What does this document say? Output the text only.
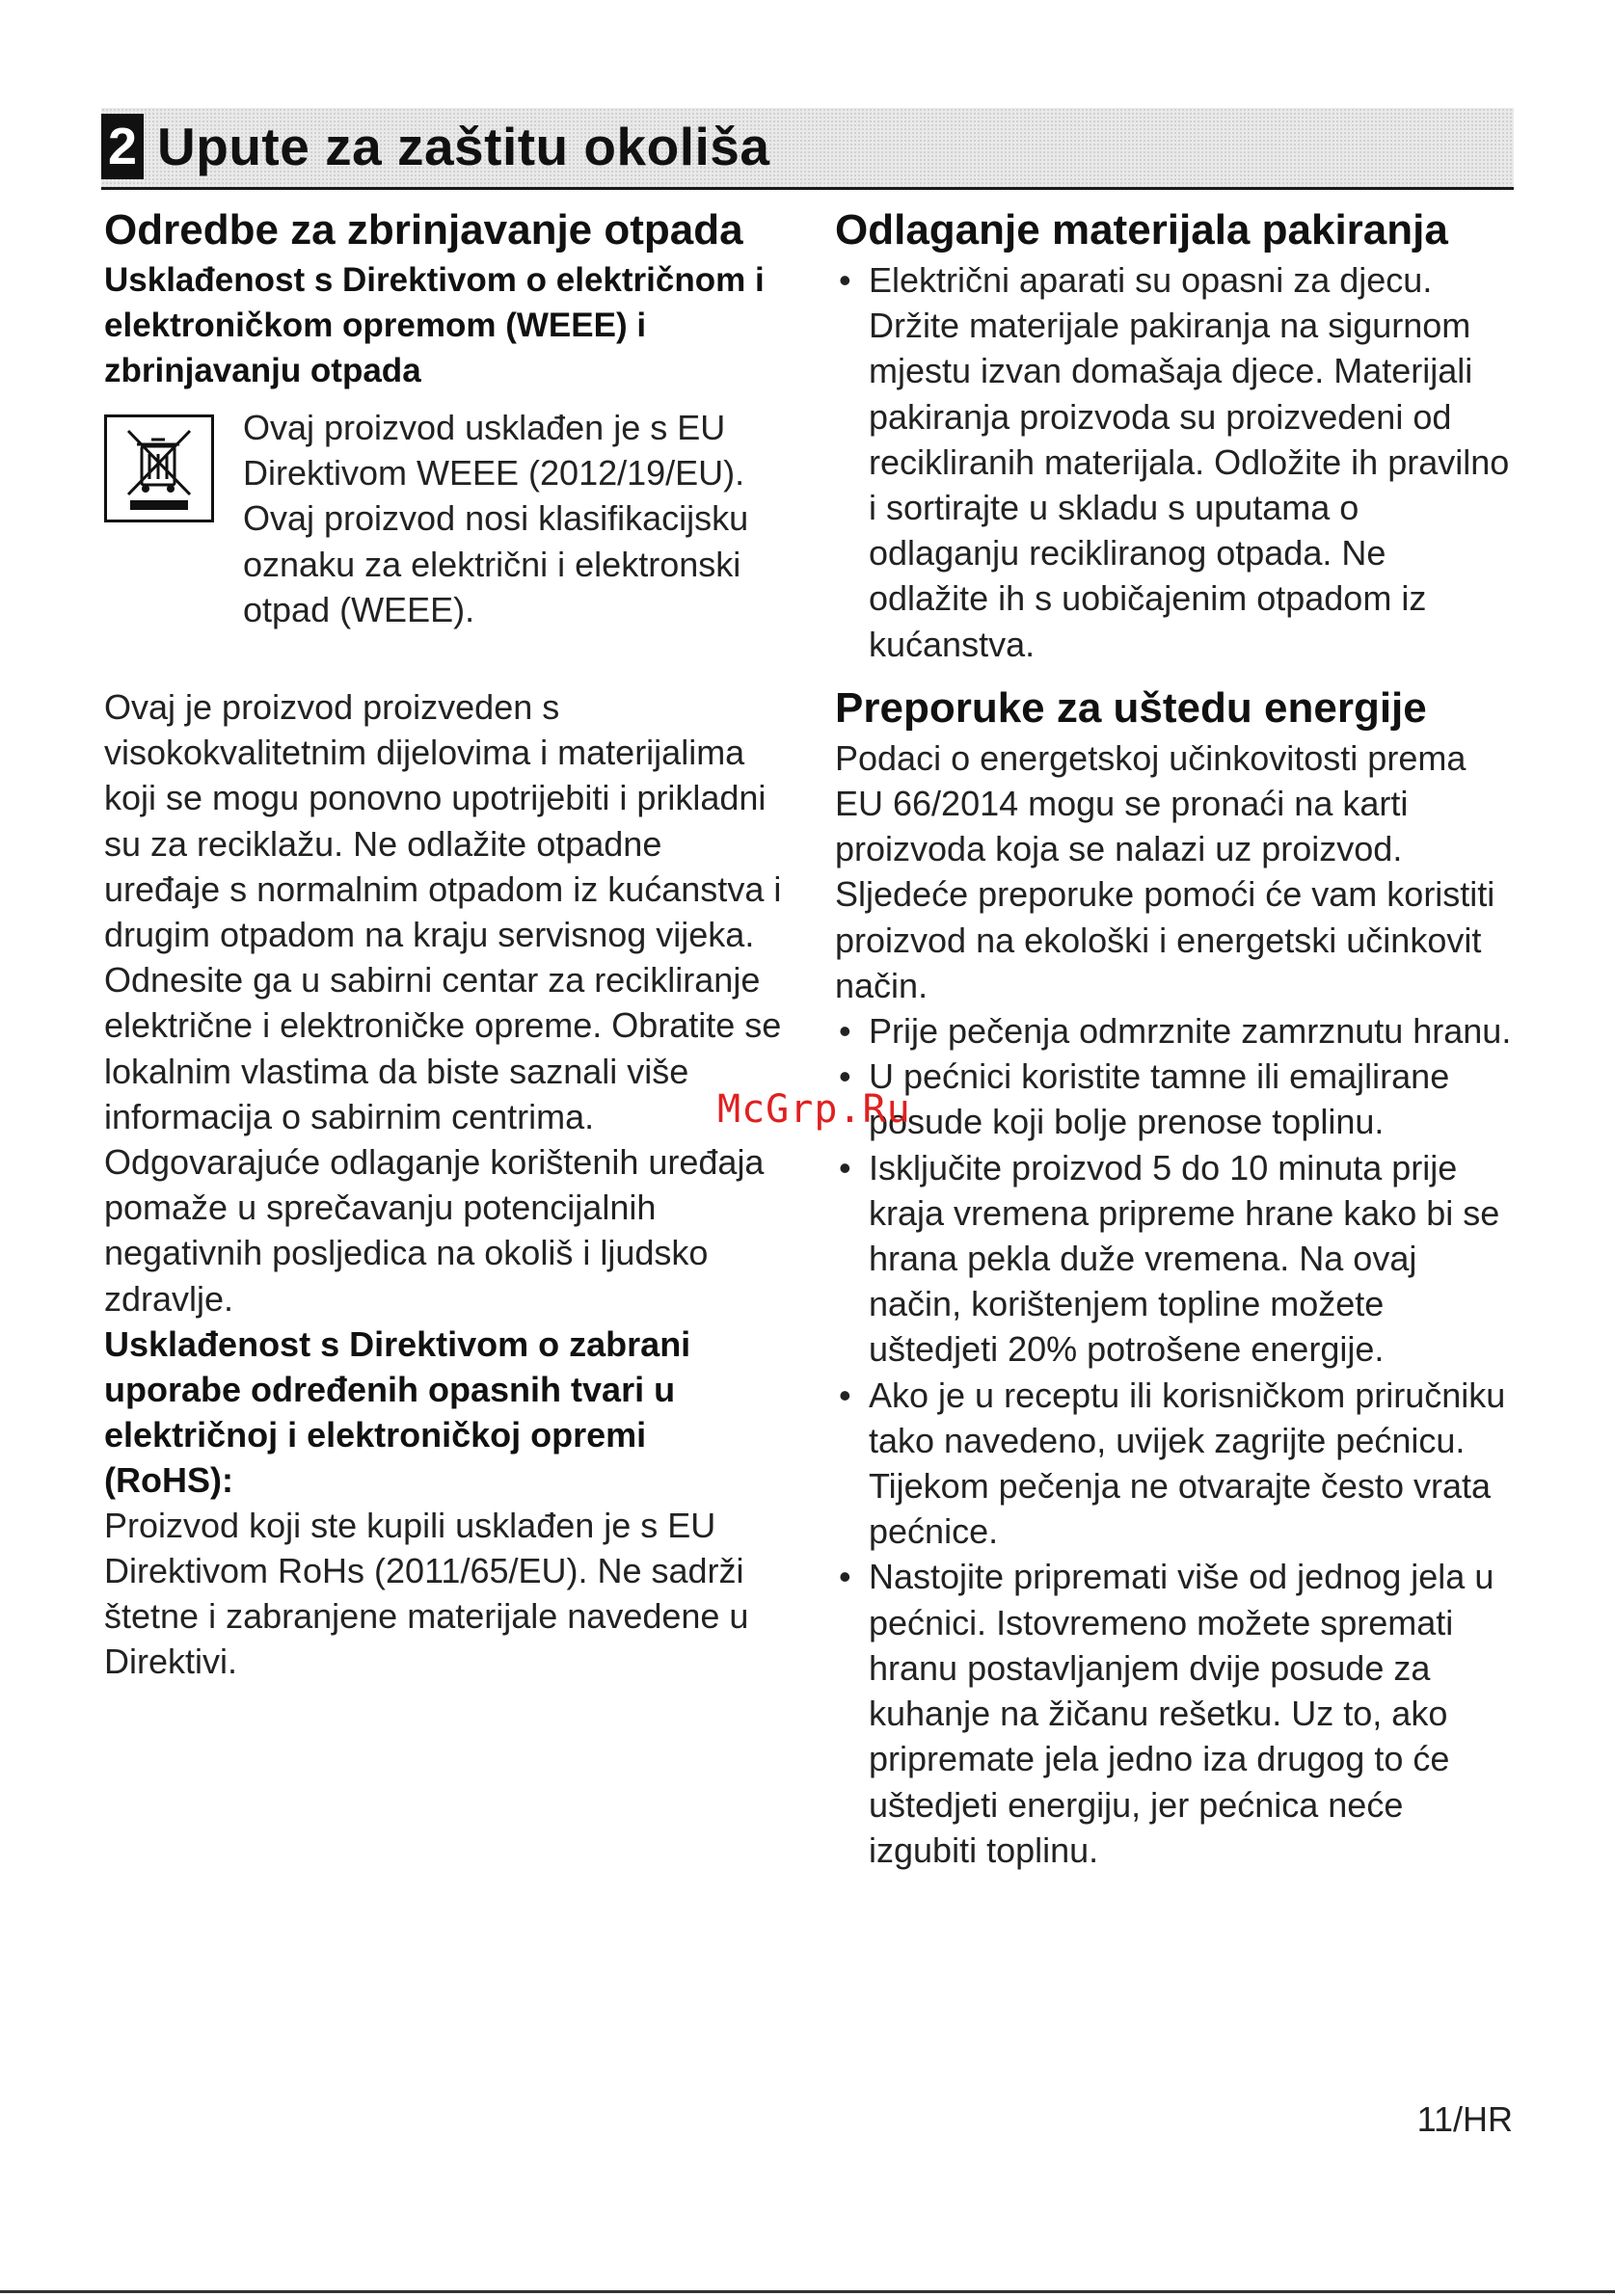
2 Upute za zaštitu okoliša
Odredbe za zbrinjavanje otpada
Usklađenost s Direktivom o električnom i elektroničkom opremom (WEEE) i zbrinjavanju otpada

Ovaj proizvod usklađen je s EU Direktivom WEEE (2012/19/EU). Ovaj proizvod nosi klasifikacijsku oznaku za električni i elektronski otpad (WEEE).

Ovaj je proizvod proizveden s visokokvalitetnim dijelovima i materijalima koji se mogu ponovno upotrijebiti i prikladni su za reciklažu. Ne odlažite otpadne uređaje s normalnim otpadom iz kućanstva i drugim otpadom na kraju servisnog vijeka. Odnesite ga u sabirni centar za recikliranje električne i elektroničke opreme. Obratite se lokalnim vlastima da biste saznali više informacija o sabirnim centrima. Odgovarajuće odlaganje korištenih uređaja pomaže u sprečavanju potencijalnih negativnih posljedica na okoliš i ljudsko zdravlje.

Usklađenost s Direktivom o zabrani uporabe određenih opasnih tvari u električnoj i elektroničkoj opremi (RoHS):

Proizvod koji ste kupili usklađen je s EU Direktivom RoHs (2011/65/EU). Ne sadrži štetne i zabranjene materijale navedene u Direktivi.

Odlaganje materijala pakiranja
• Električni aparati su opasni za djecu. Držite materijale pakiranja na sigurnom mjestu izvan domašaja djece. Materijali pakiranja proizvoda su proizvedeni od recikliranih materijala. Odložite ih pravilno i sortirajte u skladu s uputama o odlaganju recikliranog otpada. Ne odlažite ih s uobičajenim otpadom iz kućanstva.
Preporuke za uštedu energije

Podaci o energetskoj učinkovitosti prema EU 66/2014 mogu se pronaći na karti proizvoda koja se nalazi uz proizvod. Sljedeće preporuke pomoći će vam koristiti proizvod na ekološki i energetski učinkovit način.

• Prije pečenja odmrznite zamrznutu hranu.
• U pećnici koristite tamne ili emajlirane posude koji bolje prenose toplinu.
• Isključite proizvod 5 do 10 minuta prije kraja vremena pripreme hrane kako bi se hrana pekla duže vremena. Na ovaj način, korištenjem topline možete uštedjeti 20% potrošene energije.
• Ako je u receptu ili korisničkom priručniku tako navedeno, uvijek zagrijte pećnicu. Tijekom pečenja ne otvarajte često vrata pećnice.
• Nastojite pripremati više od jednog jela u pećnici. Istovremeno možete spremati hranu postavljanjem dvije posude za kuhanje na žičanu rešetku. Uz to, ako pripremate jela jedno iza drugog to će uštedjeti energiju, jer pećnica neće izgubiti toplinu.
McGrp.Ru
11/HR
